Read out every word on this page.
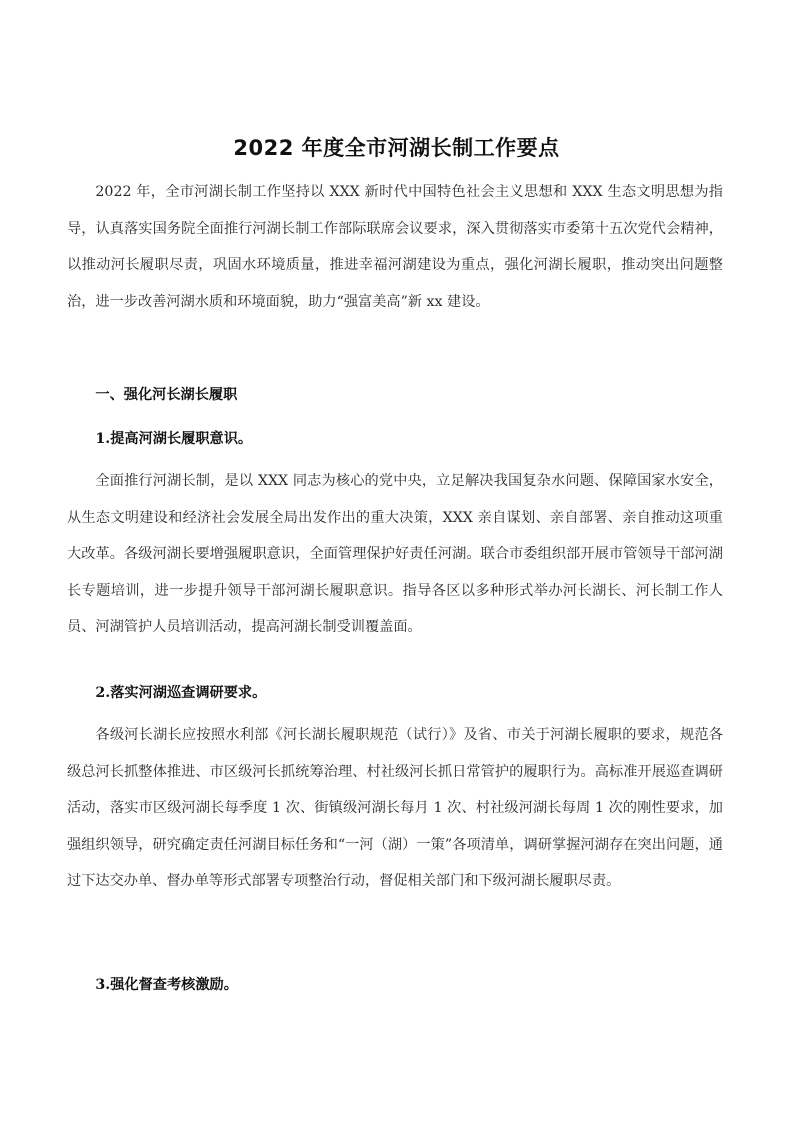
2022 年度全市河湖长制工作要点

2022 年，全市河湖长制工作坚持以 XXX 新时代中国特色社会主义思想和 XXX 生态文明思想为指导，认真落实国务院全面推行河湖长制工作部际联席会议要求，深入贯彻落实市委第十五次党代会精神，以推动河长履职尽责，巩固水环境质量，推进幸福河湖建设为重点，强化河湖长履职，推动突出问题整治，进一步改善河湖水质和环境面貌，助力“强富美高”新 xx 建设。

一、强化河长湖长履职

1.提高河湖长履职意识。

全面推行河湖长制，是以 XXX 同志为核心的党中央，立足解决我国复杂水问题、保障国家水安全，从生态文明建设和经济社会发展全局出发作出的重大决策，XXX 亲自谋划、亲自部署、亲自推动这项重大改革。各级河湖长要增强履职意识，全面管理保护好责任河湖。联合市委组织部开展市管领导干部河湖长专题培训，进一步提升领导干部河湖长履职意识。指导各区以多种形式举办河长湖长、河长制工作人员、河湖管护人员培训活动，提高河湖长制受训覆盖面。

2.落实河湖巡查调研要求。

各级河长湖长应按照水利部《河长湖长履职规范（试行）》及省、市关于河湖长履职的要求，规范各级总河长抓整体推进、市区级河长抓统筹治理、村社级河长抓日常管护的履职行为。高标准开展巡查调研活动，落实市区级河湖长每季度 1 次、街镇级河湖长每月 1 次、村社级河湖长每周 1 次的刚性要求，加强组织领导，研究确定责任河湖目标任务和“一河（湖）一策”各项清单，调研掌握河湖存在突出问题，通过下达交办单、督办单等形式部署专项整治行动，督促相关部门和下级河湖长履职尽责。

3.强化督查考核激励。
